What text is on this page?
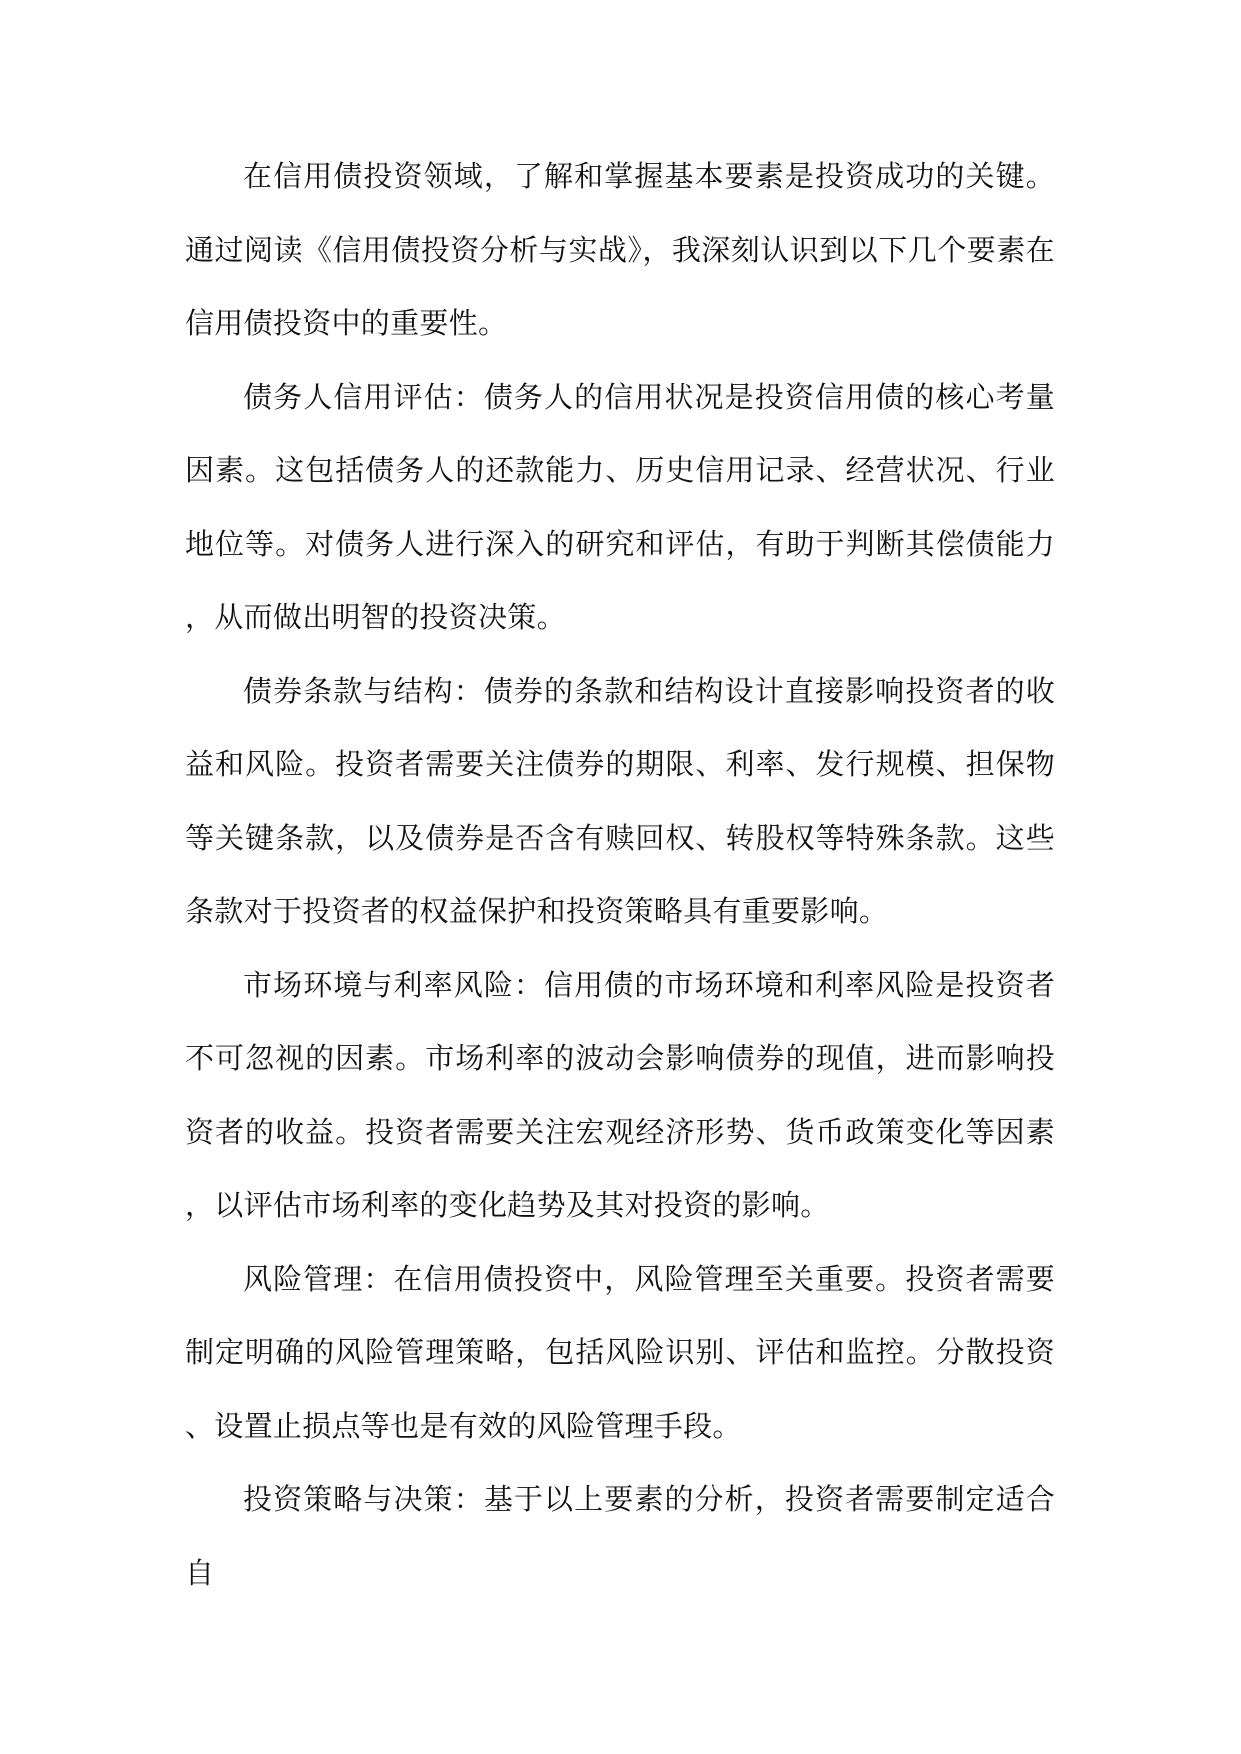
在信用债投资领域，了解和掌握基本要素是投资成功的关键。通过阅读《信用债投资分析与实战》，我深刻认识到以下几个要素在信用债投资中的重要性。

债务人信用评估：债务人的信用状况是投资信用债的核心考量因素。这包括债务人的还款能力、历史信用记录、经营状况、行业地位等。对债务人进行深入的研究和评估，有助于判断其偿债能力，从而做出明智的投资决策。

债券条款与结构：债券的条款和结构设计直接影响投资者的收益和风险。投资者需要关注债券的期限、利率、发行规模、担保物等关键条款，以及债券是否含有赎回权、转股权等特殊条款。这些条款对于投资者的权益保护和投资策略具有重要影响。

市场环境与利率风险：信用债的市场环境和利率风险是投资者不可忽视的因素。市场利率的波动会影响债券的现值，进而影响投资者的收益。投资者需要关注宏观经济形势、货币政策变化等因素，以评估市场利率的变化趋势及其对投资的影响。

风险管理：在信用债投资中，风险管理至关重要。投资者需要制定明确的风险管理策略，包括风险识别、评估和监控。分散投资、设置止损点等也是有效的风险管理手段。

投资策略与决策：基于以上要素的分析，投资者需要制定适合自
